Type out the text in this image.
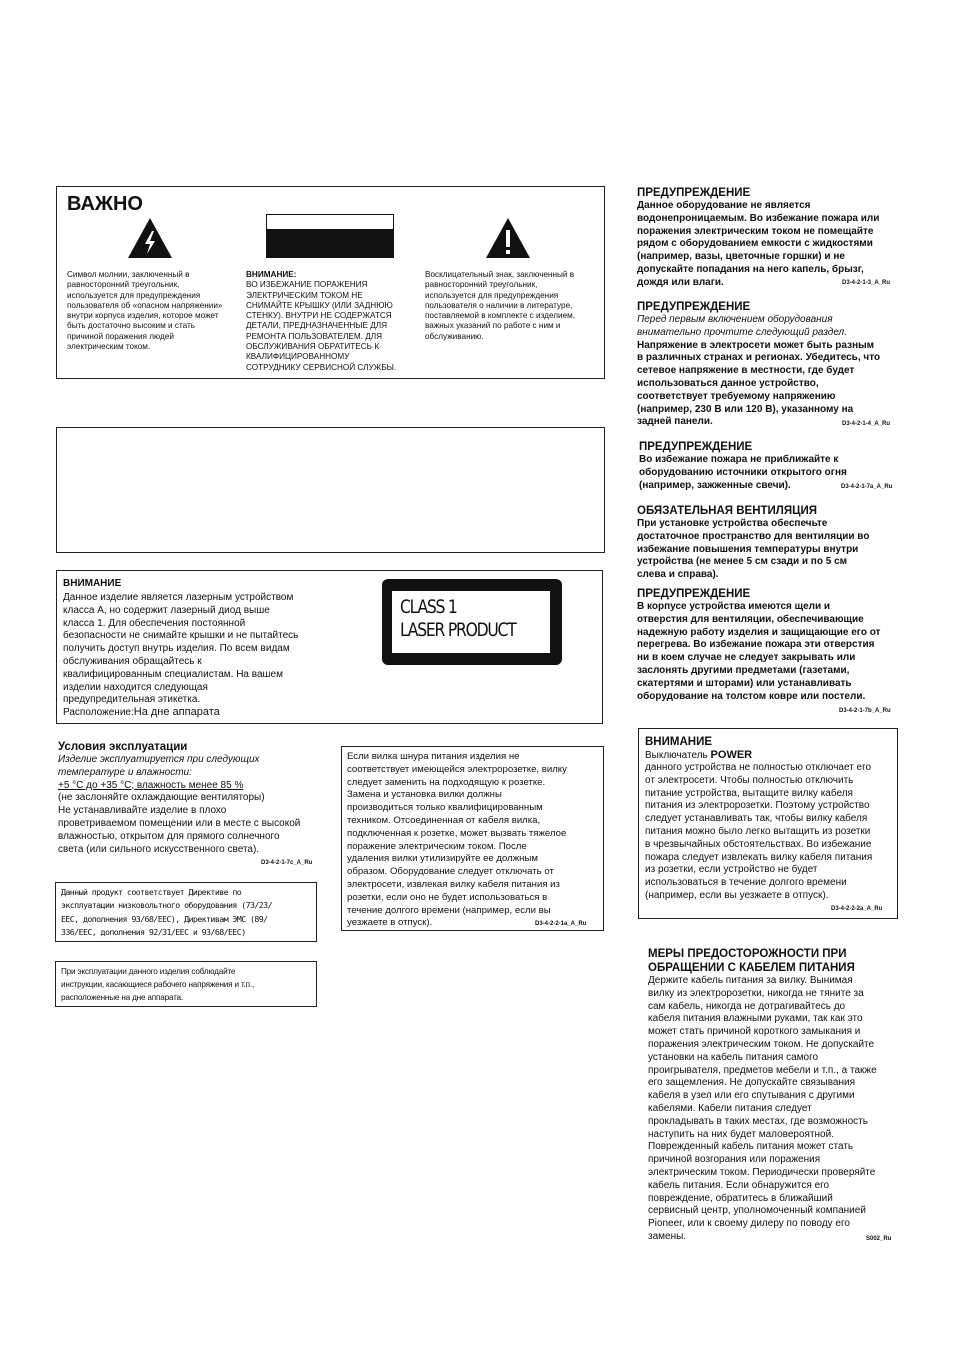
ВАЖНО

Символ молнии, заключенный в
равносторонний треугольник,
используется для предупреждения
пользователя об «опасном напряжении»
внутри корпуса изделия, которое может
быть достаточно высоким и стать
причиной поражения людей
электрическим током.

ВНИМАНИЕ:

ВО ИЗБЕЖАНИЕ ПОРАЖЕНИЯ
ЭЛЕКТРИЧЕСКИМ ТОКОМ НЕ
СНИМАЙТЕ КРЫШКУ (ИЛИ ЗАДНЮЮ
СТЕНКУ). ВНУТРИ НЕ СОДЕРЖАТСЯ
ДЕТАЛИ, ПРЕДНАЗНАЧЕННЫЕ ДЛЯ
РЕМОНТА ПОЛЬЗОВАТЕЛЕМ. ДЛЯ
ОБСЛУЖИВАНИЯ ОБРАТИТЕСЬ К
КВАЛИФИЦИРОВАННОМУ
СОТРУДНИКУ СЕРВИСНОЙ СЛУЖБЫ.

Восклицательный знак, заключенный в
равносторонний треугольник,
используется для предупреждения
пользователя о наличии в литературе,
поставляемой в комплекте с изделием,
важных указаний по работе с ним и
обслуживанию.

ВНИМАНИЕ

Данное изделие является лазерным устройством
класса А, но содержит лазерный диод выше
класса 1. Для обеспечения постоянной
безопасности не снимайте крышки и не пытайтесь
получить доступ внутрь изделия. По всем видам
обслуживания обращайтесь к
квалифицированным специалистам. На вашем
изделии находится следующая
предупредительная этикетка.

Расположение:На дне аппарата
CLASS 1
LASER PRODUCT
Условия эксплуатации

Изделие эксплуатируется при следующих
температуре и влажности:

+5 °C до +35 °C; влажность менее 85 %

(не заслоняйте охлаждающие вентиляторы)
Не устанавливайте изделие в плохо
проветриваемом помещении или в месте с высокой
влажностью, открытом для прямого солнечного
света (или сильного искусственного света).

D3-4-2-1-7c_A_Ru

Данный продукт соответствует Директиве по
эксплуатации низковольтного оборудования (73/23/
EEC, дополнения 93/68/EEC), Директивам ЭМС (89/
336/EEC, дополнения 92/31/EEC и 93/68/EEC)

При эксплуатации данного изделия соблюдайте
инструкции, касающиеся рабочего напряжения и т.п.,
расположенные на дне аппарата.

Если вилка шнура питания изделия не
соответствует имеющейся электророзетке, вилку
следует заменить на подходящую к розетке.
Замена и установка вилки должны
производиться только квалифицированным
техником. Отсоединенная от кабеля вилка,
подключенная к розетке, может вызвать тяжелое
поражение электрическим током. После
удаления вилки утилизируйте ее должным
образом. Оборудование следует отключать от
электросети, извлекая вилку кабеля питания из
розетки, если оно не будет использоваться в
течение долгого времени (например, если вы
уезжаете в отпуск).	D3-4-2-2-1a_A_Ru
ПРЕДУПРЕЖДЕНИЕ

Данное оборудование не является
водонепроницаемым. Во избежание пожара или
поражения электрическим током не помещайте
рядом с оборудованием емкости с жидкостями
(например, вазы, цветочные горшки) и не
допускайте попадания на него капель, брызг,
дождя или влаги.	D3-4-2-1-3_A_Ru
ПРЕДУПРЕЖДЕНИЕ

Перед первым включением оборудования
внимательно прочтите следующий раздел.

Напряжение в электросети может быть разным
в различных странах и регионах. Убедитесь, что
сетевое напряжение в местности, где будет
использоваться данное устройство,
соответствует требуемому напряжению
(например, 230 В или 120 В), указанному на
задней панели.	D3-4-2-1-4_A_Ru
ПРЕДУПРЕЖДЕНИЕ

Во избежание пожара не приближайте к
оборудованию источники открытого огня
(например, зажженные свечи).	D3-4-2-1-7a_A_Ru
ОБЯЗАТЕЛЬНАЯ ВЕНТИЛЯЦИЯ

При установке устройства обеспечьте
достаточное пространство для вентиляции во
избежание повышения температуры внутри
устройства (не менее 5 см сзади и по 5 см
слева и справа).

ПРЕДУПРЕЖДЕНИЕ

В корпусе устройства имеются щели и
отверстия для вентиляции, обеспечивающие
надежную работу изделия и защищающие его от
перегрева. Во избежание пожара эти отверстия
ни в коем случае не следует закрывать или
заслонять другими предметами (газетами,
скатертями и шторами) или устанавливать
оборудование на толстом ковре или постели.

D3-4-2-1-7b_A_Ru
ВНИМАНИЕ
Выключатель POWER

данного устройства не полностью отключает его
от электросети. Чтобы полностью отключить
питание устройства, вытащите вилку кабеля
питания из электророзетки. Поэтому устройство
следует устанавливать так, чтобы вилку кабеля
питания можно было легко вытащить из розетки
в чрезвычайных обстоятельствах. Во избежание
пожара следует извлекать вилку кабеля питания
из розетки, если устройство не будет
использоваться в течение долгого времени
(например, если вы уезжаете в отпуск).

D3-4-2-2-2a_A_Ru

МЕРЫ ПРЕДОСТОРОЖНОСТИ ПРИ
ОБРАЩЕНИИ С КАБЕЛЕМ ПИТАНИЯ

Держите кабель питания за вилку. Вынимая
вилку из электророзетки, никогда не тяните за
сам кабель, никогда не дотрагивайтесь до
кабеля питания влажными руками, так как это
может стать причиной короткого замыкания и
поражения электрическим током. Не допускайте
установки на кабель питания самого
проигрывателя, предметов мебели и т.п., а также
его защемления. Не допускайте связывания
кабеля в узел или его спутывания с другими
кабелями. Кабели питания следует
прокладывать в таких местах, где возможность
наступить на них будет маловероятной.
Поврежденный кабель питания может стать
причиной возгорания или поражения
электрическим током. Периодически проверяйте
кабель питания. Если обнаружится его
повреждение, обратитесь в ближайший
сервисный центр, уполномоченный компанией
Pioneer, или к своему дилеру по поводу его
замены.	S002_Ru
